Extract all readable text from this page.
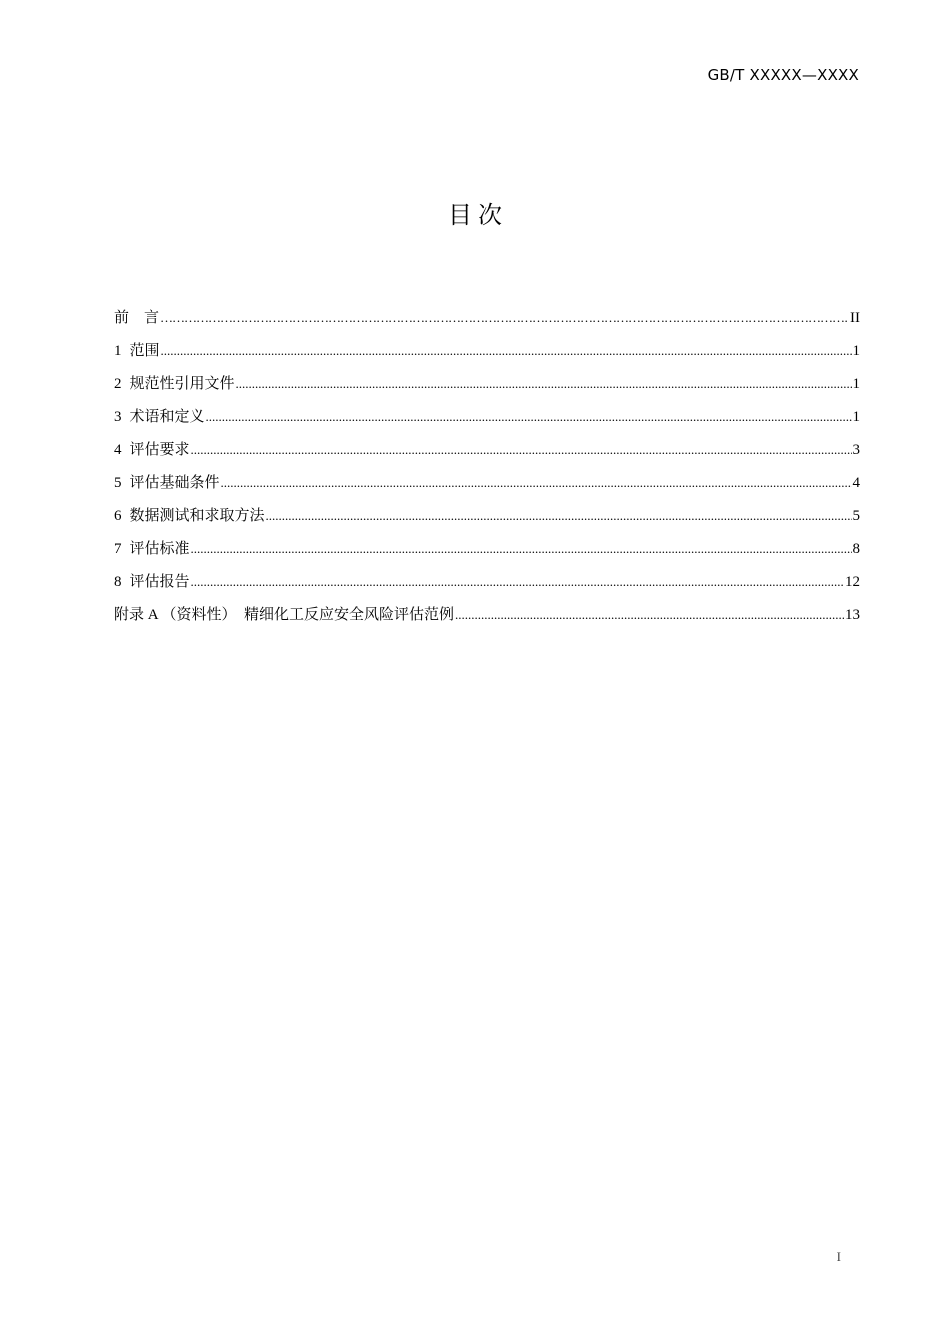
GB/T XXXXX—XXXX
目次
前　言 ………………………………………………………………………………………………………………………………………………………………………………………………………………………………	II
1 范围 .....	1
2 规范性引用文件 .....	1
3 术语和定义 .....	1
4 评估要求 .....	3
5 评估基础条件 .....	4
6 数据测试和求取方法 .....	5
7 评估标准 .....	8
8 评估报告 .....	12
附录 A （资料性）　精细化工反应安全风险评估范例 .....	13
I
